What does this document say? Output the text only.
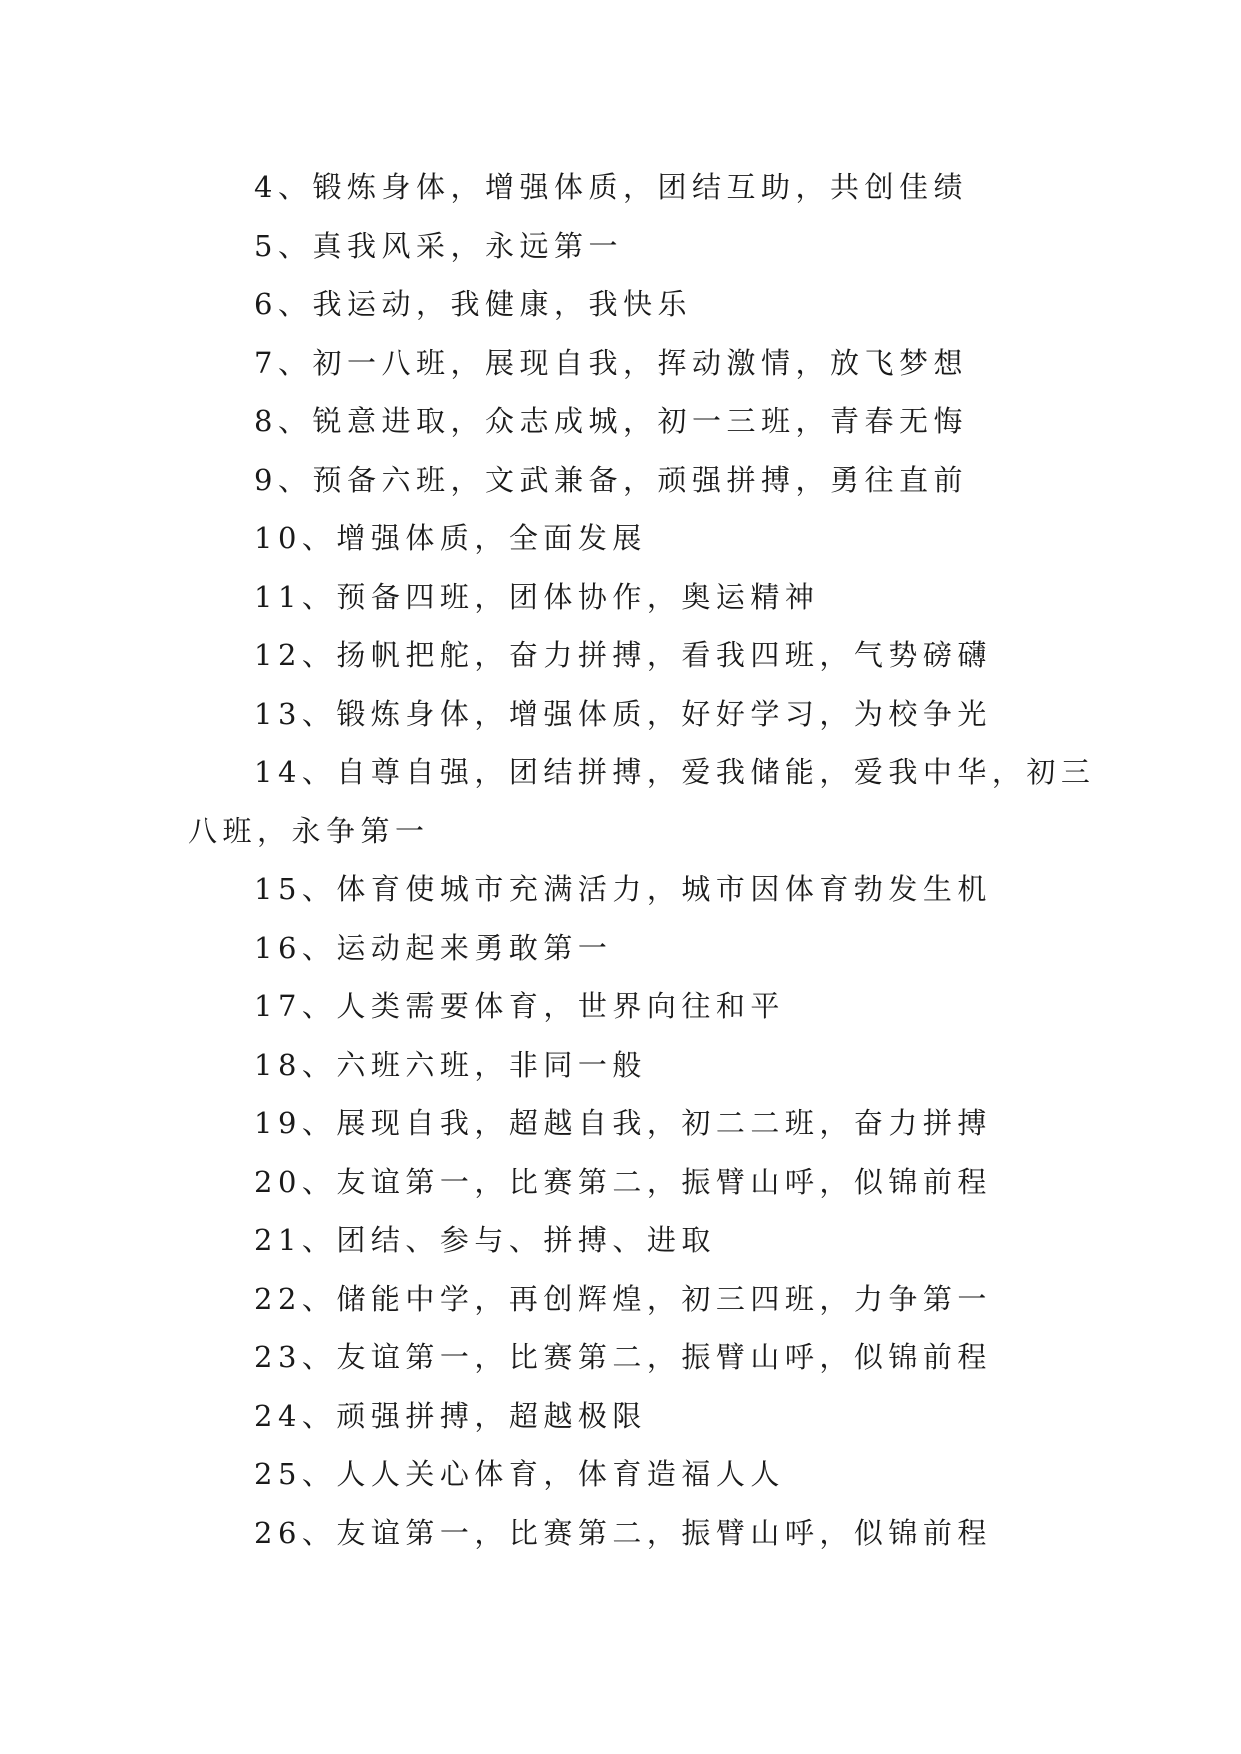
4、锻炼身体，增强体质，团结互助，共创佳绩
5、真我风采，永远第一
6、我运动，我健康，我快乐
7、初一八班，展现自我，挥动激情，放飞梦想
8、锐意进取，众志成城，初一三班，青春无悔
9、预备六班，文武兼备，顽强拼搏，勇往直前
10、增强体质，全面发展
11、预备四班，团体协作，奥运精神
12、扬帆把舵，奋力拼搏，看我四班，气势磅礴
13、锻炼身体，增强体质，好好学习，为校争光
14、自尊自强，团结拼搏，爱我储能，爱我中华，初三
八班，永争第一
15、体育使城市充满活力，城市因体育勃发生机
16、运动起来勇敢第一
17、人类需要体育，世界向往和平
18、六班六班，非同一般
19、展现自我，超越自我，初二二班，奋力拼搏
20、友谊第一，比赛第二，振臂山呼，似锦前程
21、团结、参与、拼搏、进取
22、储能中学，再创辉煌，初三四班，力争第一
23、友谊第一，比赛第二，振臂山呼，似锦前程
24、顽强拼搏，超越极限
25、人人关心体育，体育造福人人
26、友谊第一，比赛第二，振臂山呼，似锦前程
